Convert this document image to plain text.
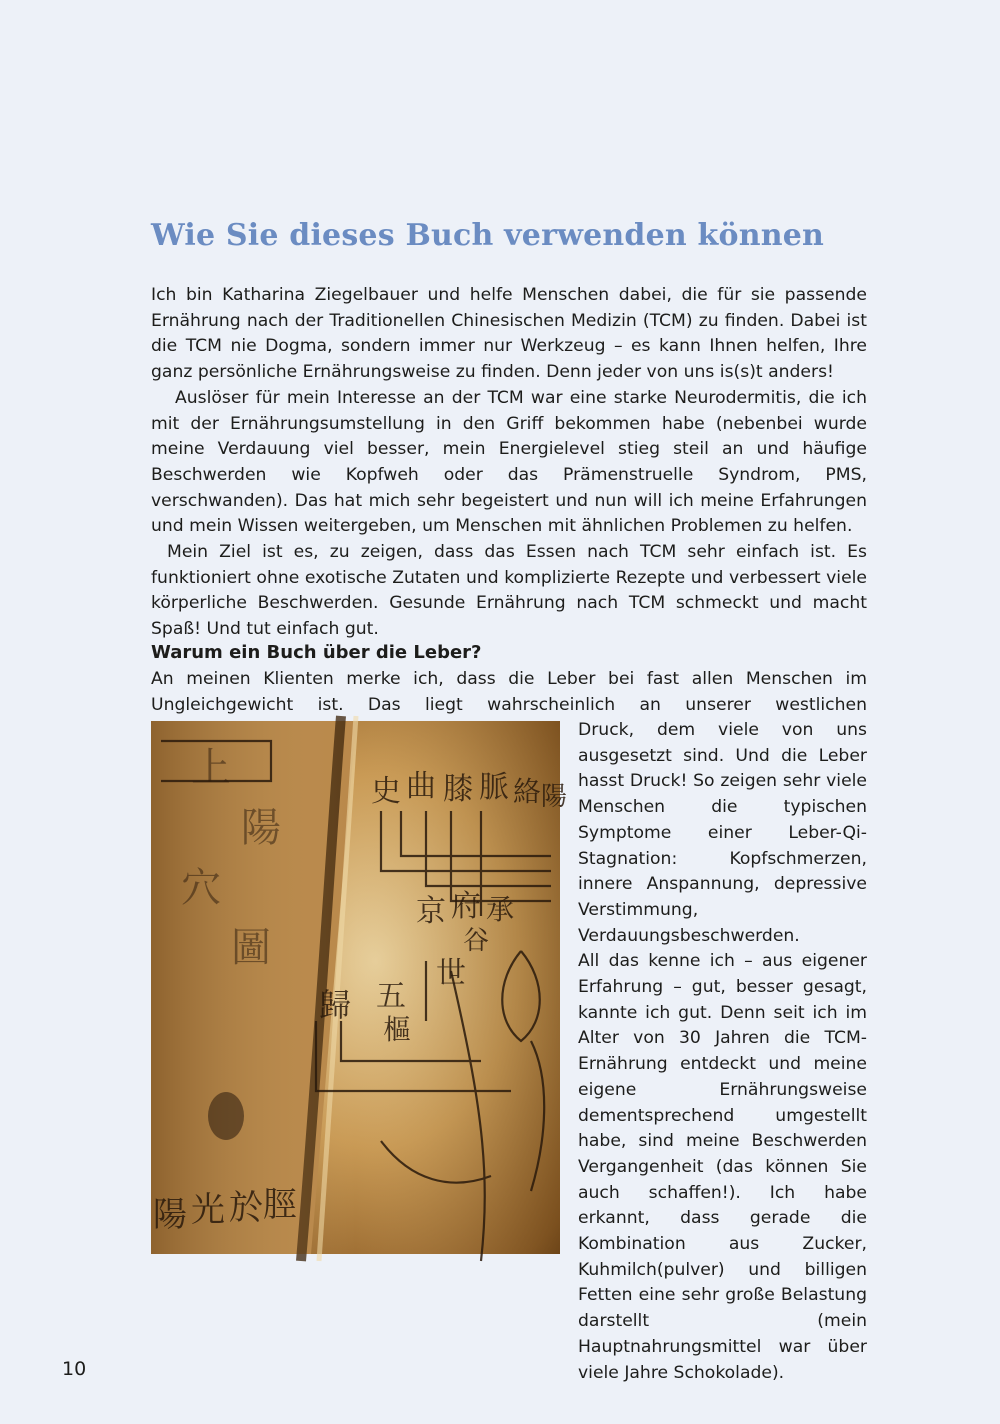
Wie Sie dieses Buch verwenden können

Ich bin Katharina Ziegelbauer und helfe Menschen dabei, die für sie passende Ernährung nach der Traditionellen Chinesischen Medizin (TCM) zu finden. Dabei ist die TCM nie Dogma, sondern immer nur Werkzeug – es kann Ihnen helfen, Ihre ganz persönliche Ernährungsweise zu finden. Denn jeder von uns is(s)t anders!

Auslöser für mein Interesse an der TCM war eine starke Neurodermitis, die ich mit der Ernährungsumstellung in den Griff bekommen habe (nebenbei wurde meine Verdauung viel besser, mein Energielevel stieg steil an und häufige Beschwerden wie Kopfweh oder das Prämenstruelle Syndrom, PMS, verschwanden). Das hat mich sehr begeistert und nun will ich meine Erfahrungen und mein Wissen weitergeben, um Menschen mit ähnlichen Problemen zu helfen.

Mein Ziel ist es, zu zeigen, dass das Essen nach TCM sehr einfach ist. Es funktioniert ohne exotische Zutaten und komplizierte Rezepte und verbessert viele körperliche Beschwerden. Gesunde Ernährung nach TCM schmeckt und macht Spaß! Und tut einfach gut.

Warum ein Buch über die Leber?

An meinen Klienten merke ich, dass die Leber bei fast allen Menschen im Ungleichgewicht ist. Das liegt wahrscheinlich an unserer westlichen

史 曲 膝 脈 絡 陽
京 府 承
谷
歸 五
世
樞
陽 光 於 脛
上
陽
穴
圖

Druck, dem viele von uns ausgesetzt sind. Und die Leber hasst Druck! So zeigen sehr viele Menschen die typischen Symptome einer Leber-Qi-Stagnation: Kopfschmerzen, innere Anspannung, depressive Verstimmung, Verdauungsbeschwerden.

All das kenne ich – aus eigener Erfahrung – gut, besser gesagt, kannte ich gut. Denn seit ich im Alter von 30 Jahren die TCM-Ernährung entdeckt und meine eigene Ernährungsweise dementsprechend umgestellt habe, sind meine Beschwerden Vergangenheit (das können Sie auch schaffen!). Ich habe erkannt, dass gerade die Kombination aus Zucker, Kuhmilch(pulver) und billigen Fetten eine sehr große Belastung darstellt (mein Hauptnahrungsmittel war über viele Jahre Schokolade).

10
